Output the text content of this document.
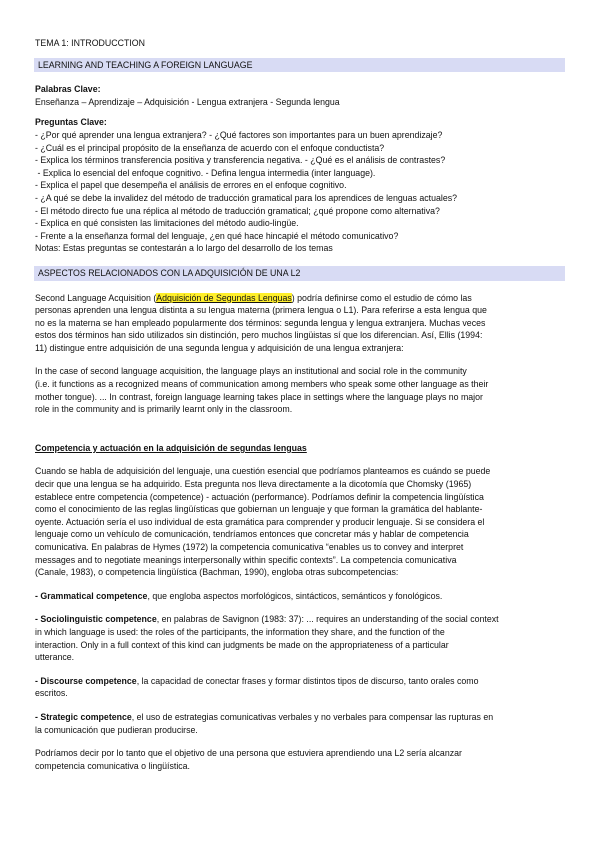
TEMA 1: INTRODUCCTION
LEARNING AND TEACHING A FOREIGN LANGUAGE
Palabras Clave:
Enseñanza – Aprendizaje – Adquisición - Lengua extranjera - Segunda lengua
Preguntas Clave:
- ¿Por qué aprender una lengua extranjera? - ¿Qué factores son importantes para un buen aprendizaje?
- ¿Cuál es el principal propósito de la enseñanza de acuerdo con el enfoque conductista?
- Explica los términos transferencia positiva y transferencia negativa. - ¿Qué es el análisis de contrastes?
- Explica lo esencial del enfoque cognitivo. - Defina lengua intermedia (inter language).
- Explica el papel que desempeña el análisis de errores en el enfoque cognitivo.
- ¿A qué se debe la invalidez del método de traducción gramatical para los aprendices de lenguas actuales?
- El método directo fue una réplica al método de traducción gramatical; ¿qué propone como alternativa?
- Explica en qué consisten las limitaciones del método audio-lingüe.
- Frente a la enseñanza formal del lenguaje, ¿en qué hace hincapié el método comunicativo?
Notas: Estas preguntas se contestarán a lo largo del desarrollo de los temas
ASPECTOS RELACIONADOS CON LA ADQUISICIÓN DE UNA L2
Second Language Acquisition (Adquisición de Segundas Lenguas) podría definirse como el estudio de cómo las
personas aprenden una lengua distinta a su lengua materna (primera lengua o L1). Para referirse a esta lengua que
no es la materna se han empleado popularmente dos términos: segunda lengua y lengua extranjera. Muchas veces
estos dos términos han sido utilizados sin distinción, pero muchos lingüistas sí que los diferencian. Así, Ellis (1994:
11) distingue entre adquisición de una segunda lengua y adquisición de una lengua extranjera:
In the case of second language acquisition, the language plays an institutional and social role in the community
(i.e. it functions as a recognized means of communication among members who speak some other language as their
mother tongue). ... In contrast, foreign language learning takes place in settings where the language plays no major
role in the community and is primarily learnt only in the classroom.
Competencia y actuación en la adquisición de segundas lenguas
Cuando se habla de adquisición del lenguaje, una cuestión esencial que podríamos planteamos es cuándo se puede
decir que una lengua se ha adquirido. Esta pregunta nos lleva directamente a la dicotomía que Chomsky (1965)
establece entre competencia (competence) - actuación (performance). Podríamos definir la competencia lingüística
como el conocimiento de las reglas lingüísticas que gobiernan un lenguaje y que forman la gramática del hablante-
oyente. Actuación sería el uso individual de esta gramática para comprender y producir lenguaje. Si se considera el
lenguaje como un vehículo de comunicación, tendríamos entonces que concretar más y hablar de competencia
comunicativa. En palabras de Hymes (1972) la competencia comunicativa “enables us to convey and interpret
messages and to negotiate meanings interpersonally within specific contexts”. La competencia comunicativa
(Canale, 1983), o competencia lingüística (Bachman, 1990), engloba otras subcompetencias:
- Grammatical competence, que engloba aspectos morfológicos, sintácticos, semánticos y fonológicos.
- Sociolinguistic competence, en palabras de Savignon (1983: 37): ... requires an understanding of the social context
in which language is used: the roles of the participants, the information they share, and the function of the
interaction. Only in a full context of this kind can judgments be made on the appropriateness of a particular
utterance.
- Discourse competence, la capacidad de conectar frases y formar distintos tipos de discurso, tanto orales como
escritos.
- Strategic competence, el uso de estrategias comunicativas verbales y no verbales para compensar las rupturas en
la comunicación que pudieran producirse.
Podríamos decir por lo tanto que el objetivo de una persona que estuviera aprendiendo una L2 sería alcanzar
competencia comunicativa o lingüística.
